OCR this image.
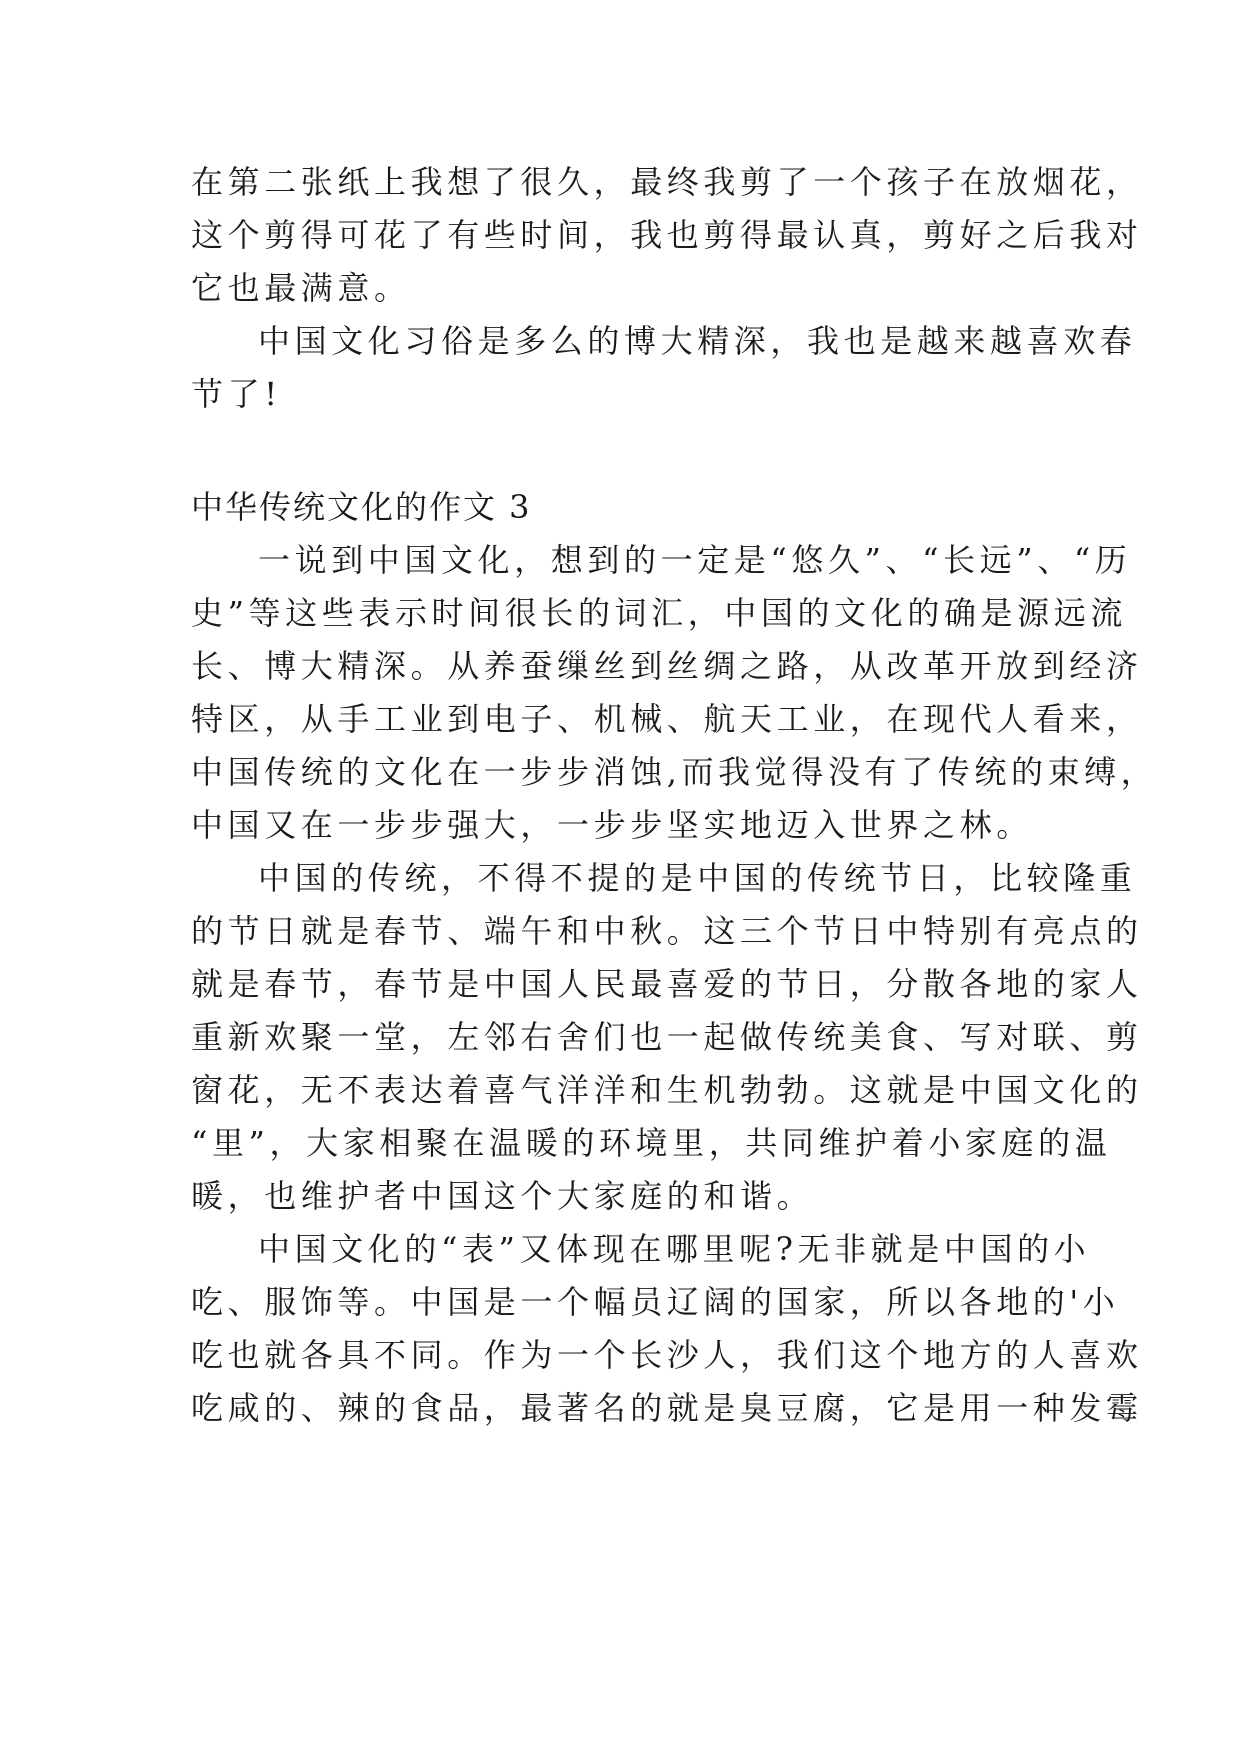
在第二张纸上我想了很久，最终我剪了一个孩子在放烟花，
这个剪得可花了有些时间，我也剪得最认真，剪好之后我对
它也最满意。
中国文化习俗是多么的博大精深，我也是越来越喜欢春
节了!
中华传统文化的作文 3
一说到中国文化，想到的一定是“悠久”、“长远”、“历
史”等这些表示时间很长的词汇，中国的文化的确是源远流
长、博大精深。从养蚕缫丝到丝绸之路，从改革开放到经济
特区，从手工业到电子、机械、航天工业，在现代人看来，
中国传统的文化在一步步消蚀,而我觉得没有了传统的束缚，
中国又在一步步强大，一步步坚实地迈入世界之林。
中国的传统，不得不提的是中国的传统节日，比较隆重
的节日就是春节、端午和中秋。这三个节日中特别有亮点的
就是春节，春节是中国人民最喜爱的节日，分散各地的家人
重新欢聚一堂，左邻右舍们也一起做传统美食、写对联、剪
窗花，无不表达着喜气洋洋和生机勃勃。这就是中国文化的
“里”，大家相聚在温暖的环境里，共同维护着小家庭的温
暖，也维护者中国这个大家庭的和谐。
中国文化的“表”又体现在哪里呢?无非就是中国的小
吃、服饰等。中国是一个幅员辽阔的国家，所以各地的'小
吃也就各具不同。作为一个长沙人，我们这个地方的人喜欢
吃咸的、辣的食品，最著名的就是臭豆腐，它是用一种发霉
